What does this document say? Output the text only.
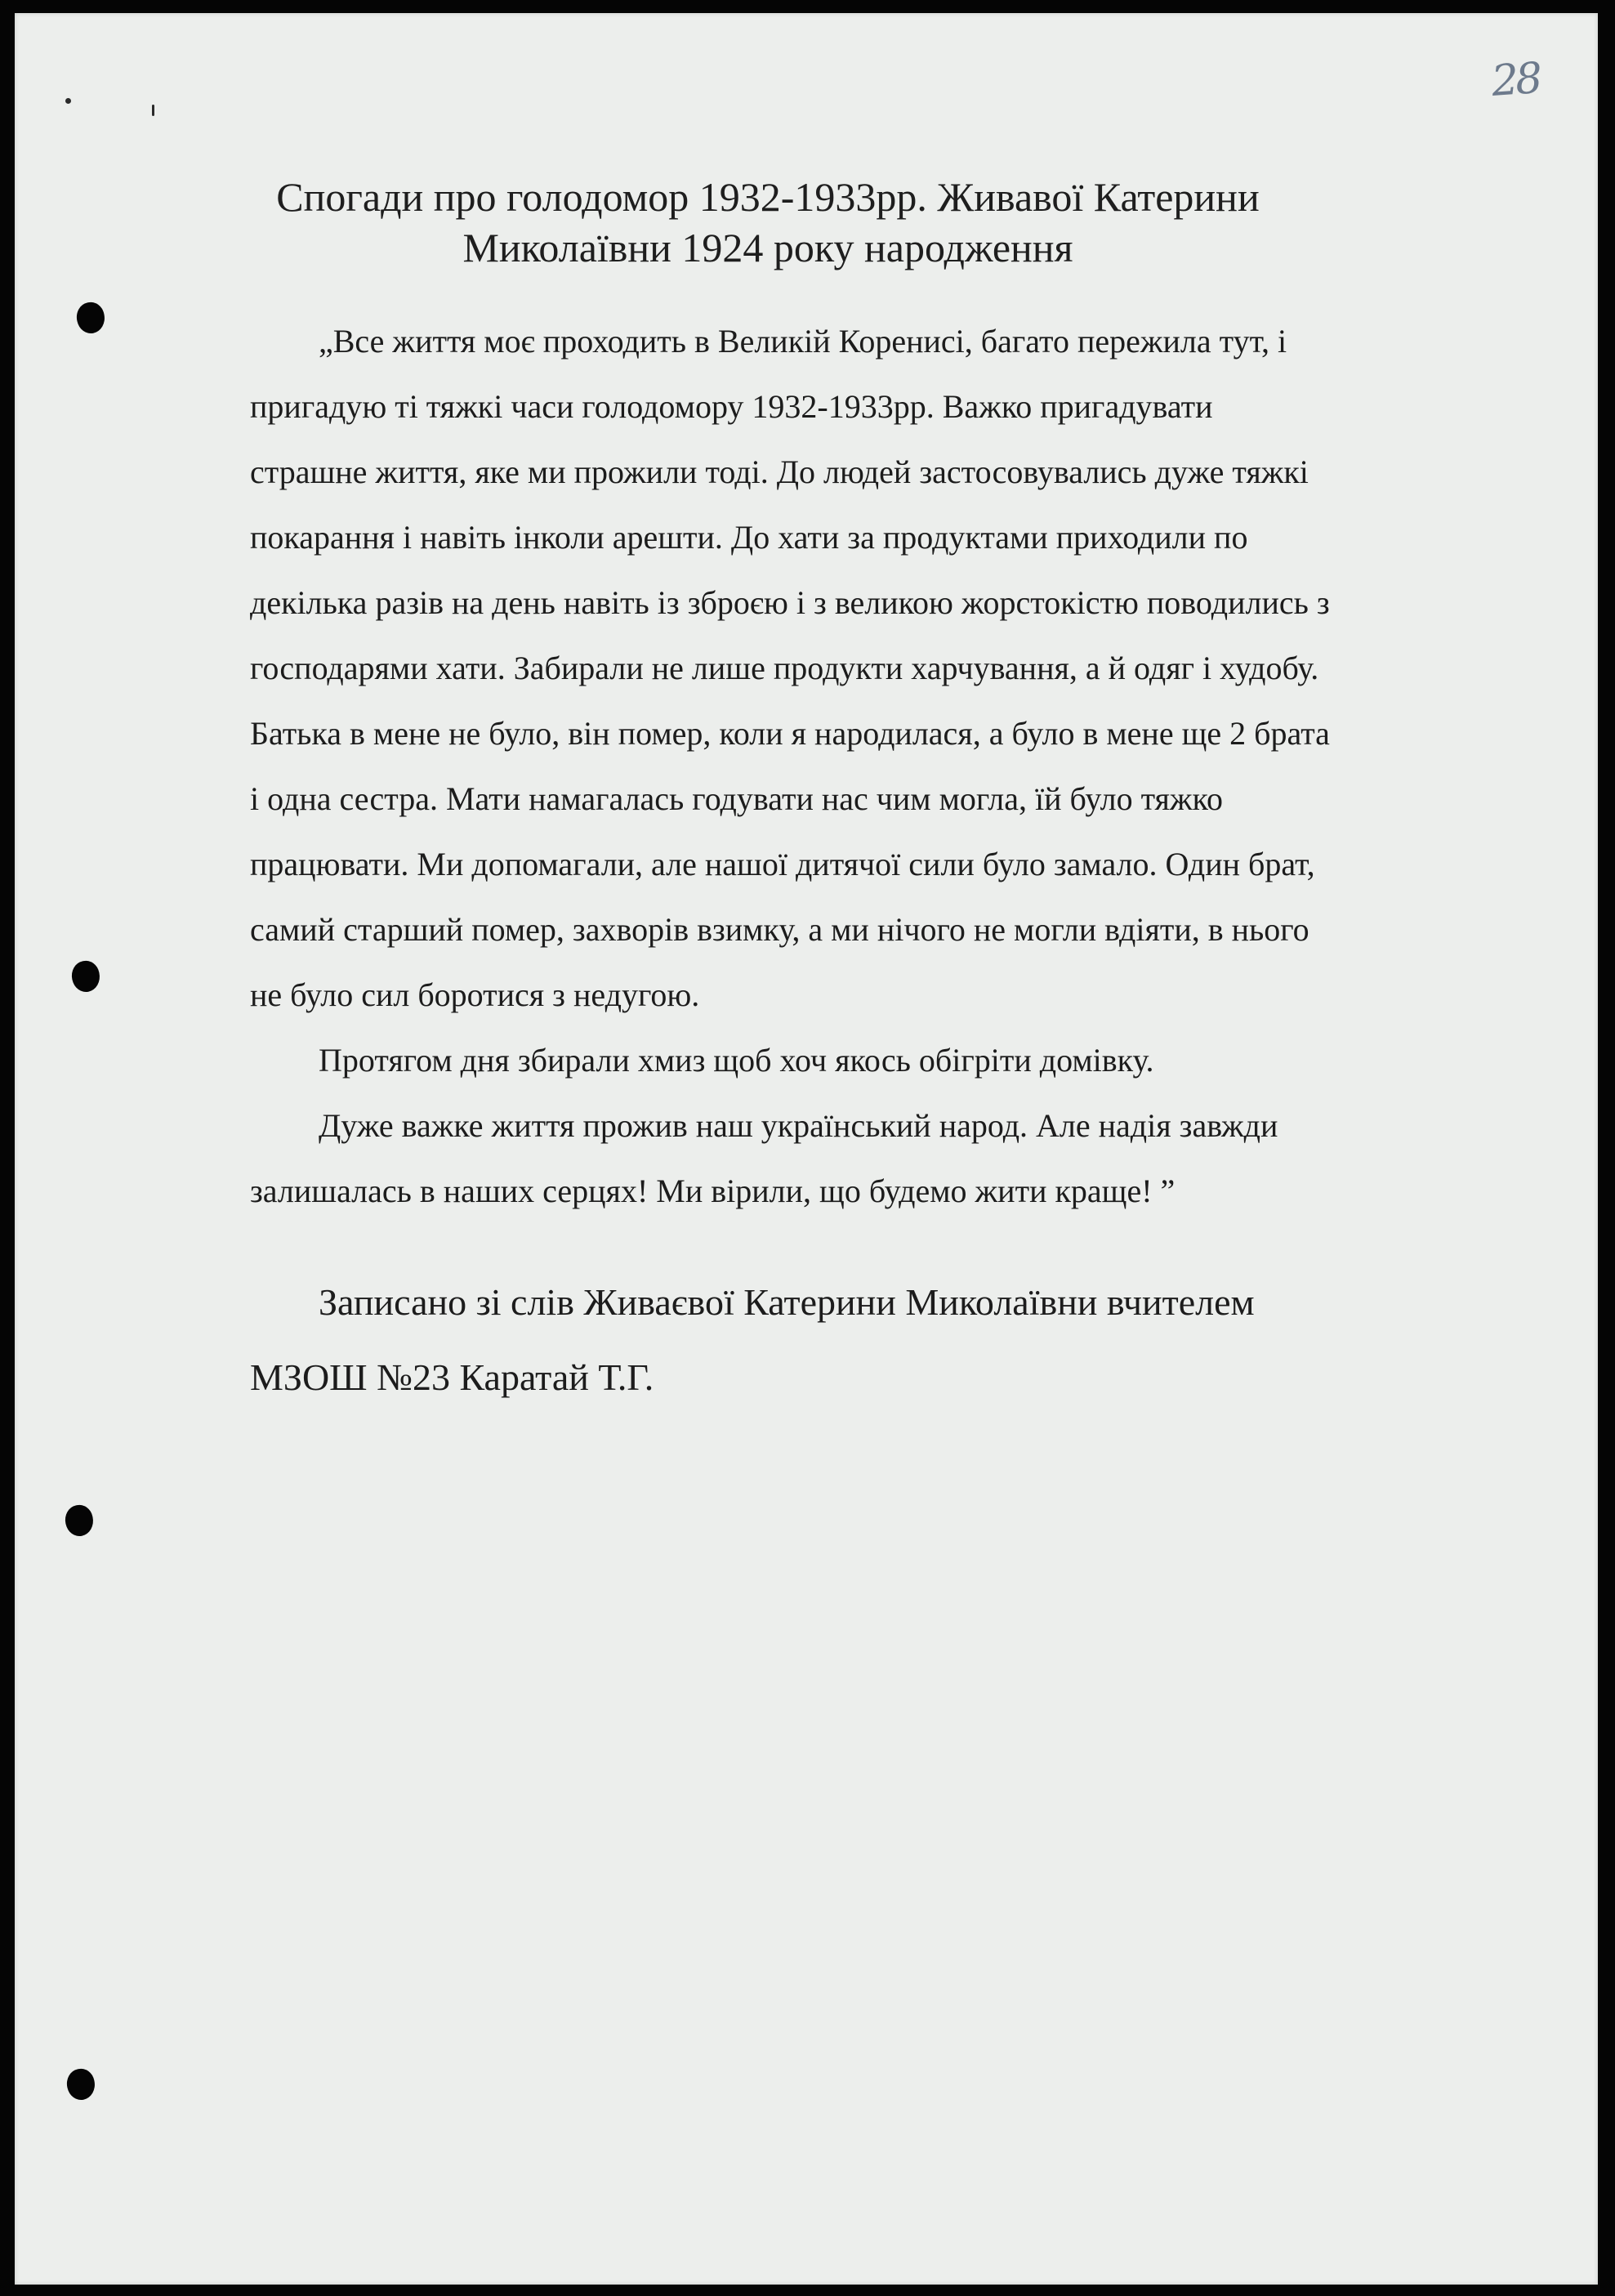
28
Спогади про голодомор 1932-1933рр. Живавої Катерини
Миколаївни 1924 року народження

„Все життя моє проходить в Великій Коренисі, багато пережила тут, і
пригадую ті тяжкі часи голодомору 1932-1933рр. Важко пригадувати
страшне життя, яке ми прожили тоді. До людей застосовувались дуже тяжкі
покарання і навіть інколи арешти. До хати за продуктами приходили по
декілька разів на день навіть із зброєю і з великою жорстокістю поводились з
господарями хати. Забирали не лише продукти харчування, а й одяг і худобу.
Батька в мене не було, він помер, коли я народилася, а було в мене ще 2 брата
і одна сестра. Мати намагалась годувати нас чим могла, їй було тяжко
працювати. Ми допомагали, але нашої дитячої сили було замало. Один брат,
самий старший помер, захворів взимку, а ми нічого не могли вдіяти, в нього
не було сил боротися з недугою.

Протягом дня збирали хмиз щоб хоч якось обігріти домівку.

Дуже важке життя прожив наш український народ. Але надія завжди
залишалась в наших серцях! Ми вірили, що будемо жити краще! ”

Записано зі слів Живаєвої Катерини Миколаївни вчителем
МЗОШ №23 Каратай Т.Г.
